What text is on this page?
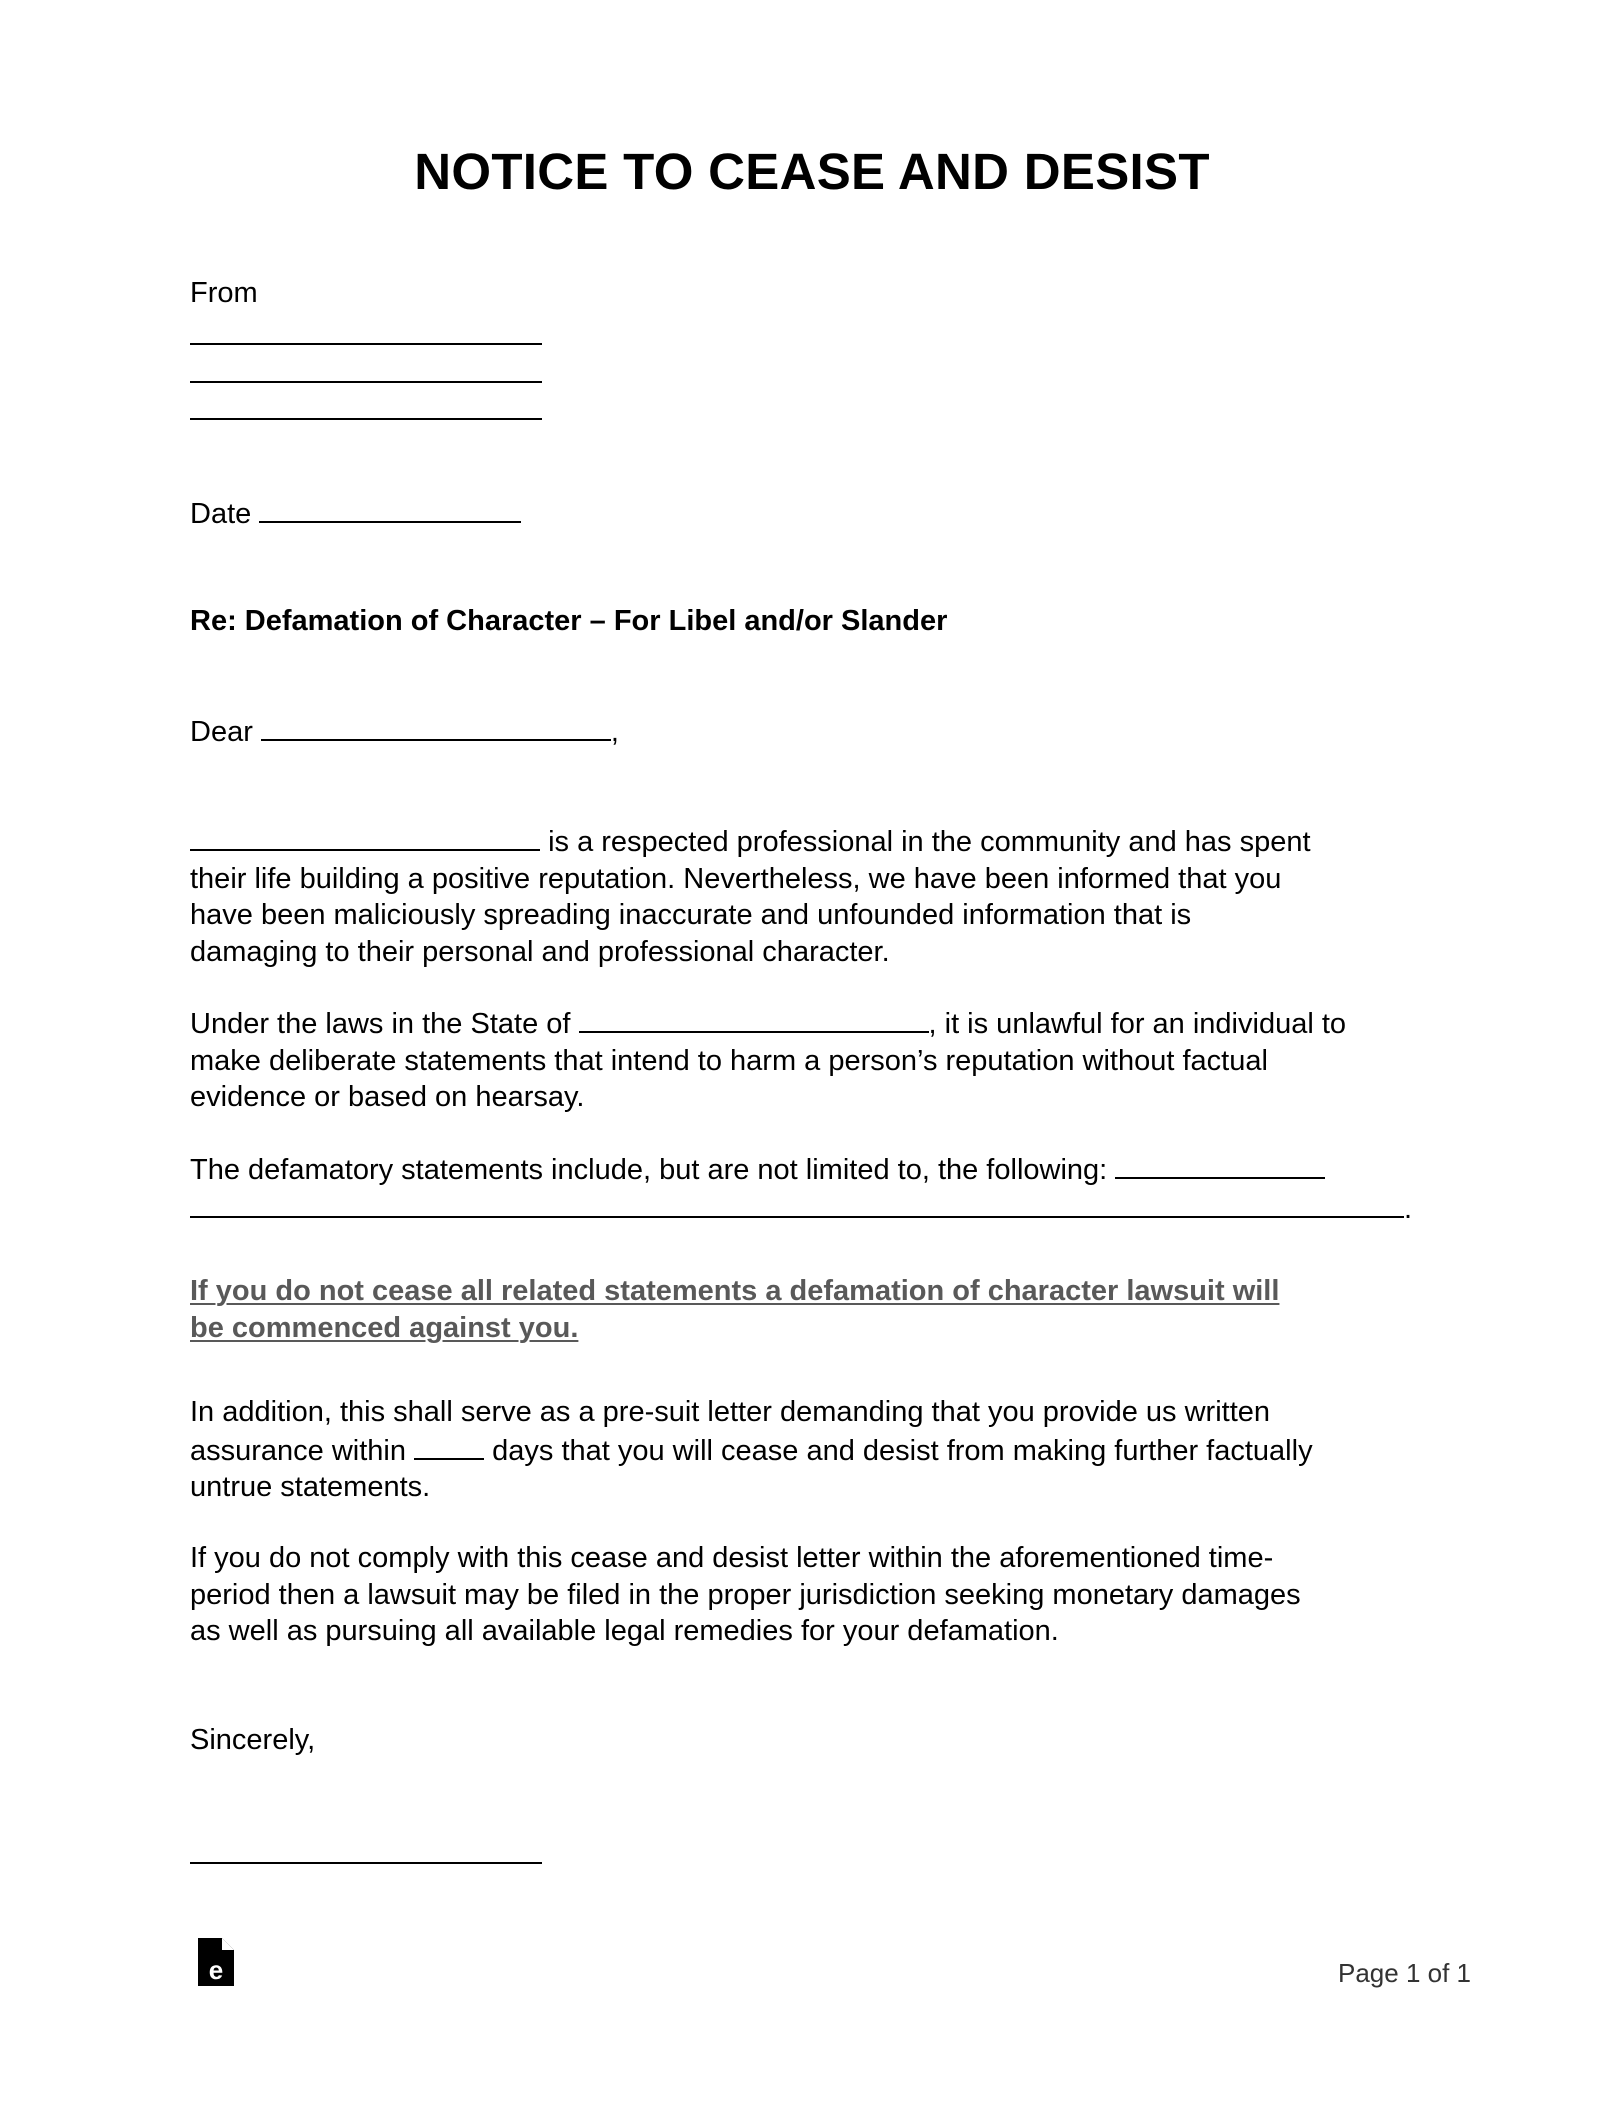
NOTICE TO CEASE AND DESIST
From
Date
Re: Defamation of Character – For Libel and/or Slander
Dear	,
is a respected professional in the community and has spent
their life building a positive reputation. Nevertheless, we have been informed that you
have been maliciously spreading inaccurate and unfounded information that is
damaging to their personal and professional character.
Under the laws in the State of	, it is unlawful for an individual to
make deliberate statements that intend to harm a person’s reputation without factual
evidence or based on hearsay.
The defamatory statements include, but are not limited to, the following:
.
If you do not cease all related statements a defamation of character lawsuit will
be commenced against you.
In addition, this shall serve as a pre-suit letter demanding that you provide us written
assurance within	days that you will cease and desist from making further factually
untrue statements.
If you do not comply with this cease and desist letter within the aforementioned time-
period then a lawsuit may be filed in the proper jurisdiction seeking monetary damages
as well as pursuing all available legal remedies for your defamation.
Sincerely,
e	Page 1 of 1
